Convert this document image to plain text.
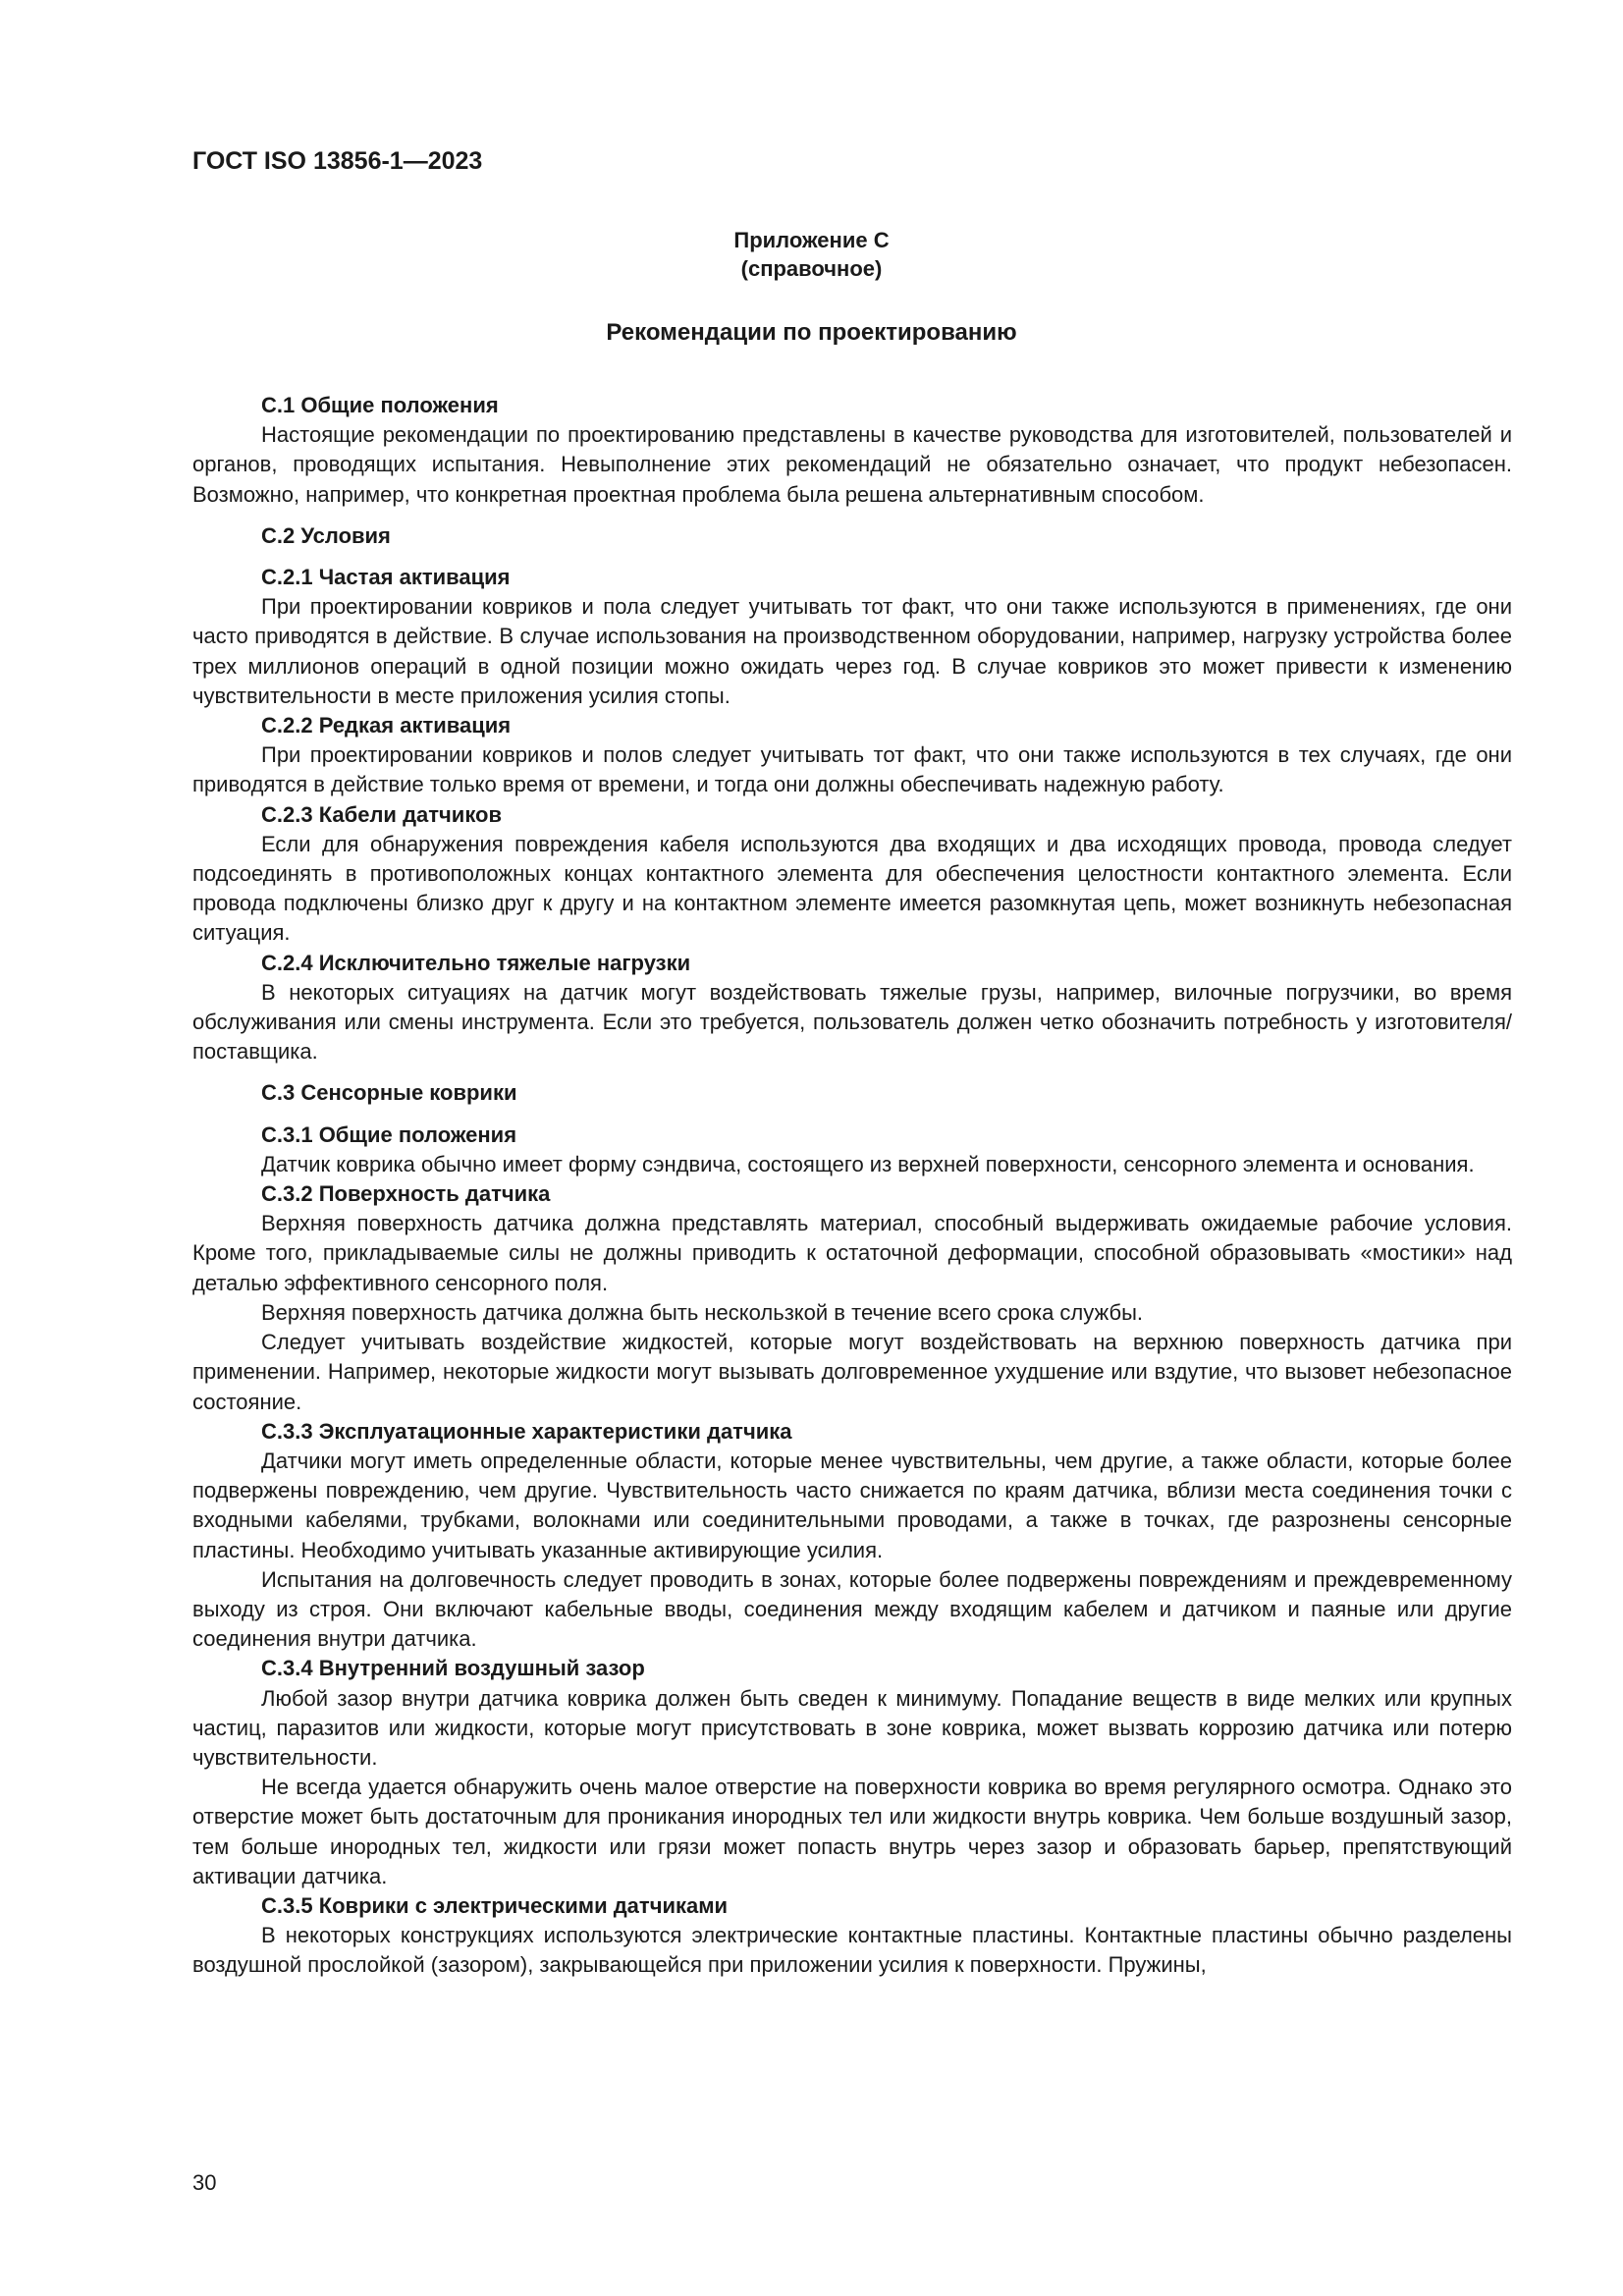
ГОСТ ISO 13856-1—2023
Приложение С
(справочное)
Рекомендации по проектированию
С.1 Общие положения

Настоящие рекомендации по проектированию представлены в качестве руководства для изготовителей, пользователей и органов, проводящих испытания. Невыполнение этих рекомендаций не обязательно означает, что продукт небезопасен. Возможно, например, что конкретная проектная проблема была решена альтернативным способом.

С.2 Условия
С.2.1 Частая активация

При проектировании ковриков и пола следует учитывать тот факт, что они также используются в применениях, где они часто приводятся в действие. В случае использования на производственном оборудовании, например, нагрузку устройства более трех миллионов операций в одной позиции можно ожидать через год. В случае ковриков это может привести к изменению чувствительности в месте приложения усилия стопы.

С.2.2 Редкая активация

При проектировании ковриков и полов следует учитывать тот факт, что они также используются в тех случаях, где они приводятся в действие только время от времени, и тогда они должны обеспечивать надежную работу.

С.2.3 Кабели датчиков

Если для обнаружения повреждения кабеля используются два входящих и два исходящих провода, провода следует подсоединять в противоположных концах контактного элемента для обеспечения целостности контактного элемента. Если провода подключены близко друг к другу и на контактном элементе имеется разомкнутая цепь, может возникнуть небезопасная ситуация.

С.2.4 Исключительно тяжелые нагрузки

В некоторых ситуациях на датчик могут воздействовать тяжелые грузы, например, вилочные погрузчики, во время обслуживания или смены инструмента. Если это требуется, пользователь должен четко обозначить потребность у изготовителя/поставщика.

С.3 Сенсорные коврики
С.3.1 Общие положения

Датчик коврика обычно имеет форму сэндвича, состоящего из верхней поверхности, сенсорного элемента и основания.

С.3.2 Поверхность датчика

Верхняя поверхность датчика должна представлять материал, способный выдерживать ожидаемые рабочие условия. Кроме того, прикладываемые силы не должны приводить к остаточной деформации, способной образовывать «мостики» над деталью эффективного сенсорного поля.

Верхняя поверхность датчика должна быть нескользкой в течение всего срока службы.

Следует учитывать воздействие жидкостей, которые могут воздействовать на верхнюю поверхность датчика при применении. Например, некоторые жидкости могут вызывать долговременное ухудшение или вздутие, что вызовет небезопасное состояние.

С.3.3 Эксплуатационные характеристики датчика

Датчики могут иметь определенные области, которые менее чувствительны, чем другие, а также области, которые более подвержены повреждению, чем другие. Чувствительность часто снижается по краям датчика, вблизи места соединения точки с входными кабелями, трубками, волокнами или соединительными проводами, а также в точках, где разрознены сенсорные пластины. Необходимо учитывать указанные активирующие усилия.

Испытания на долговечность следует проводить в зонах, которые более подвержены повреждениям и преждевременному выходу из строя. Они включают кабельные вводы, соединения между входящим кабелем и датчиком и паяные или другие соединения внутри датчика.

С.3.4 Внутренний воздушный зазор

Любой зазор внутри датчика коврика должен быть сведен к минимуму. Попадание веществ в виде мелких или крупных частиц, паразитов или жидкости, которые могут присутствовать в зоне коврика, может вызвать коррозию датчика или потерю чувствительности.

Не всегда удается обнаружить очень малое отверстие на поверхности коврика во время регулярного осмотра. Однако это отверстие может быть достаточным для проникания инородных тел или жидкости внутрь коврика. Чем больше воздушный зазор, тем больше инородных тел, жидкости или грязи может попасть внутрь через зазор и образовать барьер, препятствующий активации датчика.

С.3.5 Коврики с электрическими датчиками

В некоторых конструкциях используются электрические контактные пластины. Контактные пластины обычно разделены воздушной прослойкой (зазором), закрывающейся при приложении усилия к поверхности. Пружины,

30
